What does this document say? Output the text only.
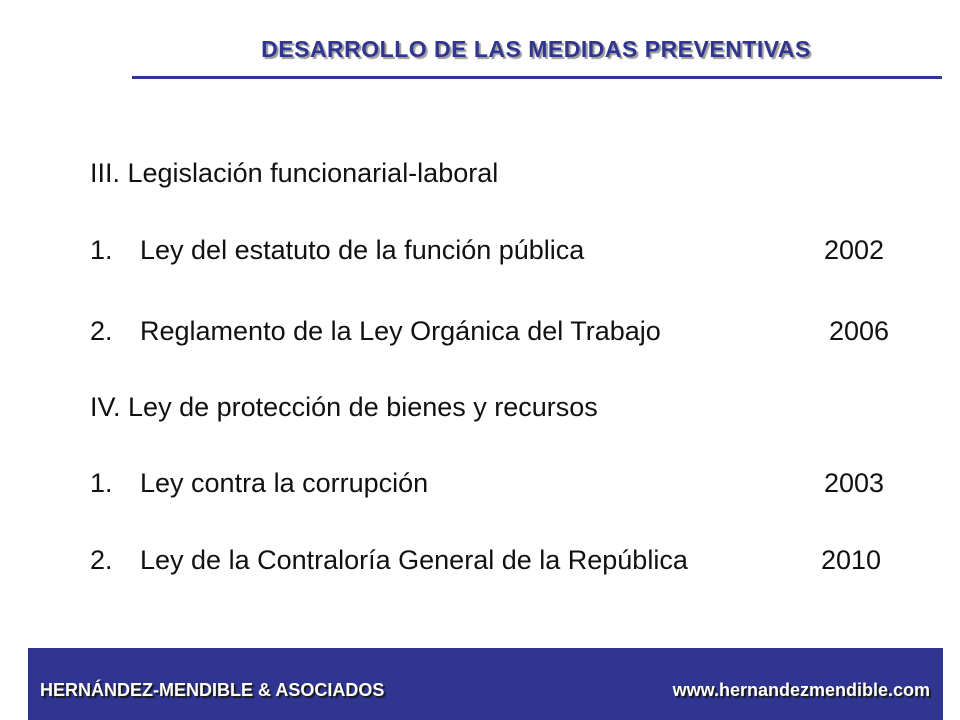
DESARROLLO DE LAS MEDIDAS PREVENTIVAS
III. Legislación funcionarial-laboral
1. Ley del estatuto de la función pública	2002
2. Reglamento de la Ley Orgánica del Trabajo	2006
IV. Ley de protección de bienes y recursos
1. Ley contra la corrupción	2003
2. Ley de la Contraloría General de la República	2010
HERNÁNDEZ-MENDIBLE & ASOCIADOS	www.hernandezmendible.com
